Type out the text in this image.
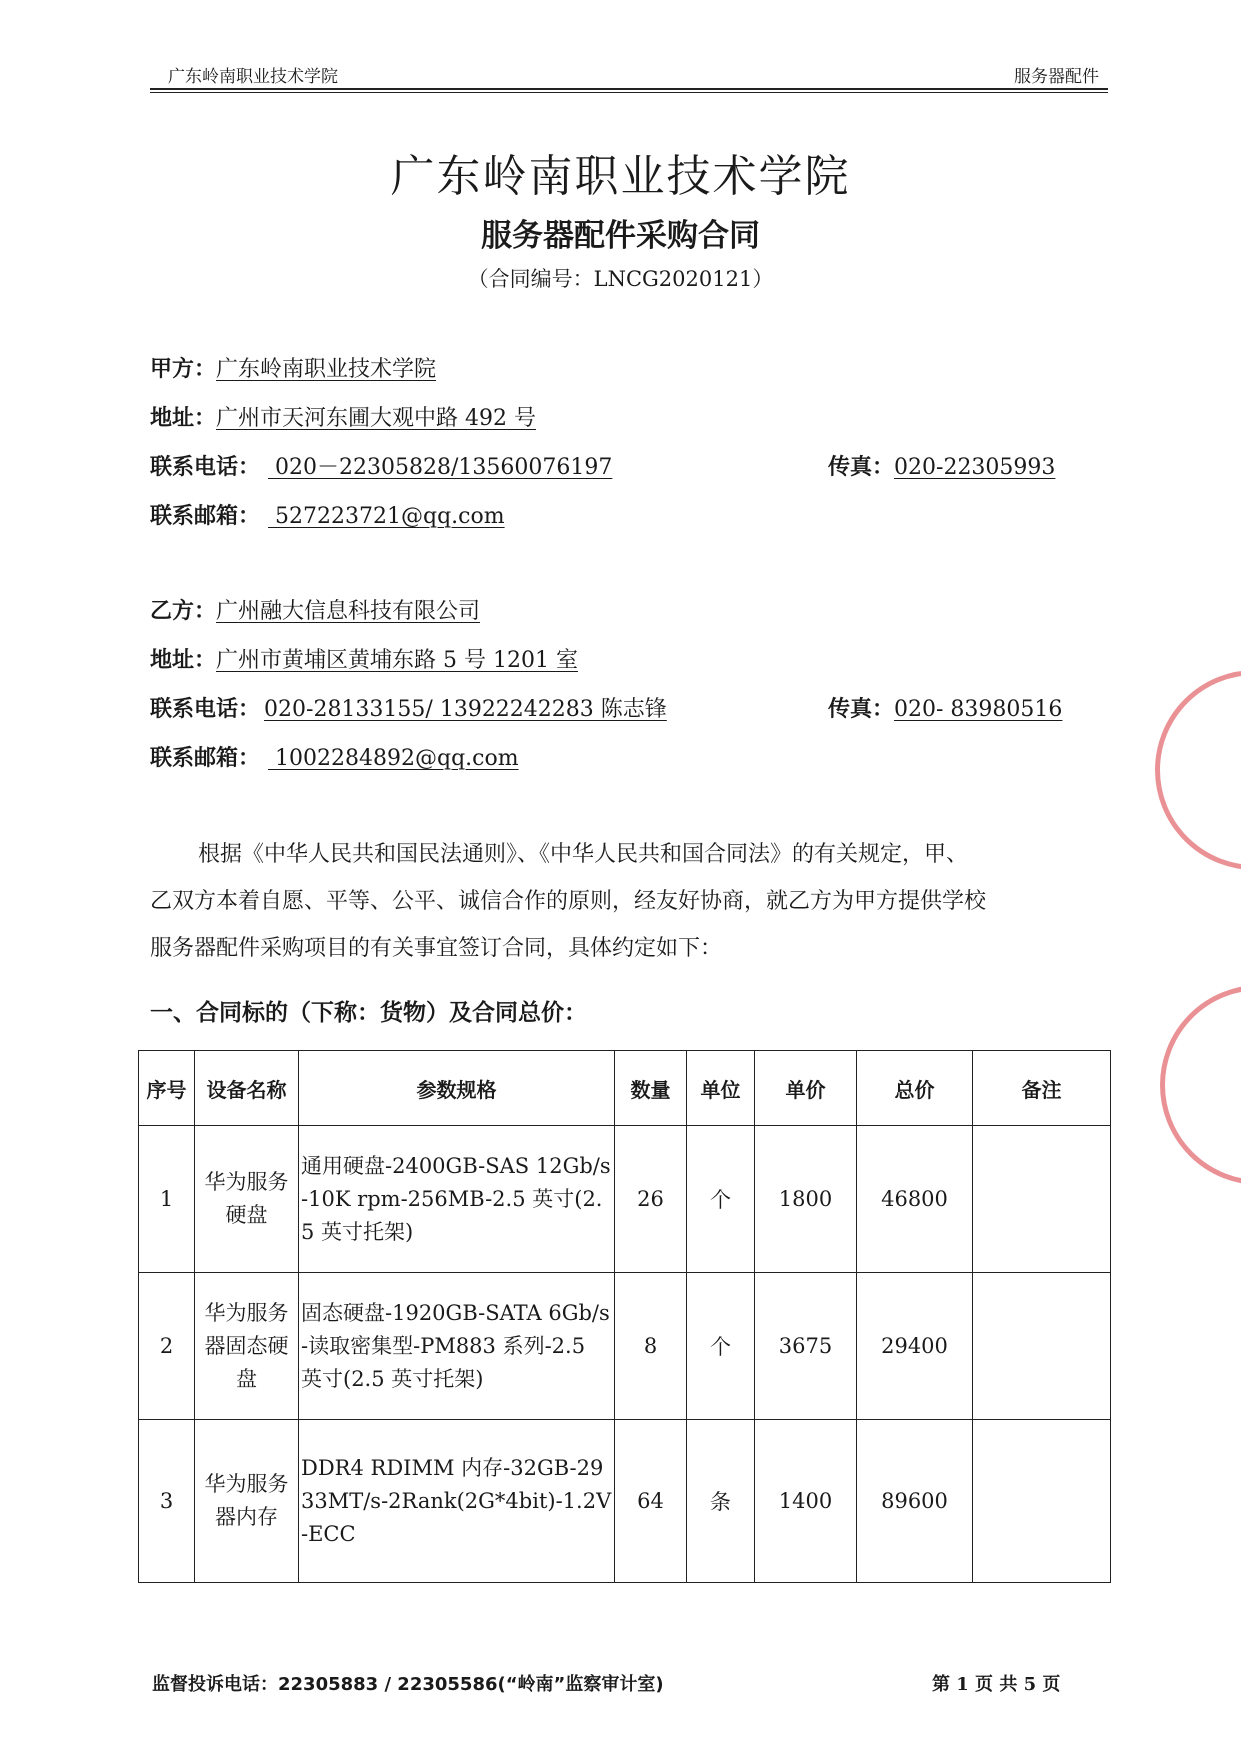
广东岭南职业技术学院	服务器配件
广东岭南职业技术学院
服务器配件采购合同
（合同编号：LNCG2020121）
甲方：广东岭南职业技术学院
地址：广州市天河东圃大观中路 492 号
联系电话： 020－22305828/13560076197	传真：020-22305993
联系邮箱： 527223721@qq.com
乙方：广州融大信息科技有限公司
地址：广州市黄埔区黄埔东路 5 号 1201 室
联系电话： 020-28133155/ 13922242283 陈志锋	传真：020- 83980516
联系邮箱： 1002284892@qq.com
根据《中华人民共和国民法通则》、《中华人民共和国合同法》的有关规定，甲、
乙双方本着自愿、平等、公平、诚信合作的原则，经友好协商，就乙方为甲方提供学校
服务器配件采购项目的有关事宜签订合同，具体约定如下：
一、合同标的（下称：货物）及合同总价：
序号	设备名称	参数规格	数量	单位	单价	总价	备注
1	华为服务硬盘	通用硬盘-2400GB-SAS 12Gb/s-10K rpm-256MB-2.5 英寸(2.5 英寸托架)	26	个	1800	46800	
2	华为服务器固态硬盘	固态硬盘-1920GB-SATA 6Gb/s-读取密集型-PM883 系列-2.5 英寸(2.5 英寸托架)	8	个	3675	29400	
3	华为服务器内存	DDR4 RDIMM 内存-32GB-2933MT/s-2Rank(2G*4bit)-1.2V-ECC	64	条	1400	89600	
监督投诉电话：22305883 / 22305586(“岭南”监察审计室)	第 1 页 共 5 页
